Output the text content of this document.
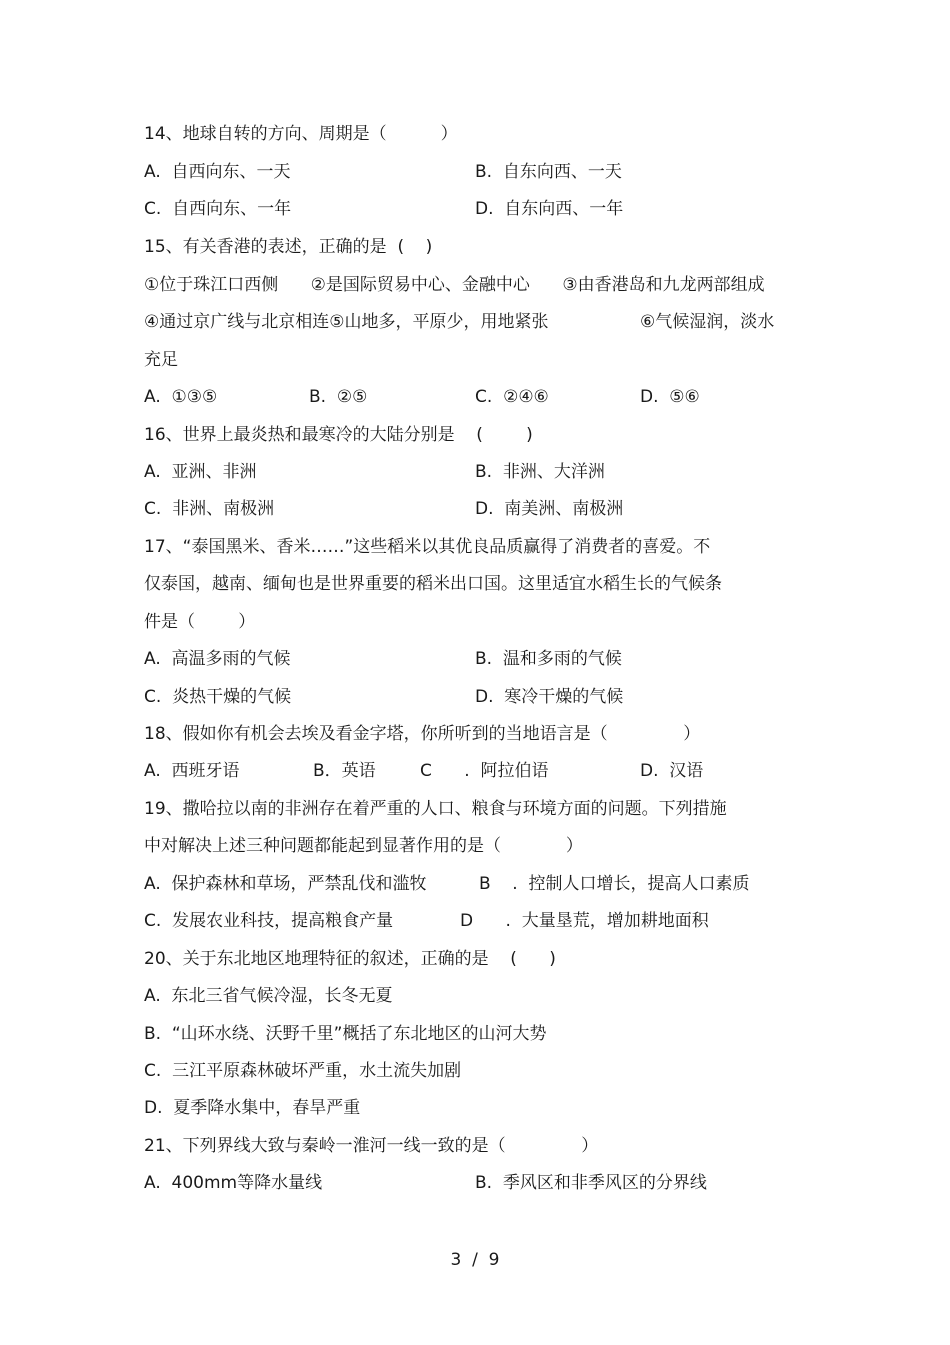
14、地球自转的方向、周期是（          ）
A.  自西向东、一天	B.  自东向西、一天
C.  自西向东、一年	D.  自东向西、一年
15、有关香港的表述，正确的是  (    )
①位于珠江口西侧      ②是国际贸易中心、金融中心      ③由香港岛和九龙两部组成
④通过京广线与北京相连⑤山地多，平原少，用地紧张	⑥气候湿润，淡水
充足
A.  ①③⑤	B.  ②⑤	C.  ②④⑥	D.  ⑤⑥
16、世界上最炎热和最寒冷的大陆分别是    (        )
A.  亚洲、非洲	B.  非洲、大洋洲
C.  非洲、南极洲	D.  南美洲、南极洲
17、“泰国黑米、香米……”这些稻米以其优良品质赢得了消费者的喜爱。不
仅泰国，越南、缅甸也是世界重要的稻米出口国。这里适宜水稻生长的气候条
件是（        ）
A.  高温多雨的气候	B.  温和多雨的气候
C.  炎热干燥的气候	D.  寒冷干燥的气候
18、假如你有机会去埃及看金字塔，你所听到的当地语言是（              ）
A.  西班牙语	B．英语	C      .  阿拉伯语	D.  汉语
19、撒哈拉以南的非洲存在着严重的人口、粮食与环境方面的问题。下列措施
中对解决上述三种问题都能起到显著作用的是（            ）
A.  保护森林和草场，严禁乱伐和滥牧	B    .  控制人口增长，提高人口素质
C.  发展农业科技，提高粮食产量	D      .  大量垦荒，增加耕地面积
20、关于东北地区地理特征的叙述，正确的是    (      )
A.  东北三省气候冷湿，长冬无夏
B.  “山环水绕、沃野千里”概括了东北地区的山河大势
C.  三江平原森林破坏严重，水土流失加剧
D.  夏季降水集中，春旱严重
21、下列界线大致与秦岭一淮河一线一致的是（              ）
A.  400mm等降水量线	B.  季风区和非季风区的分界线
3  /  9
